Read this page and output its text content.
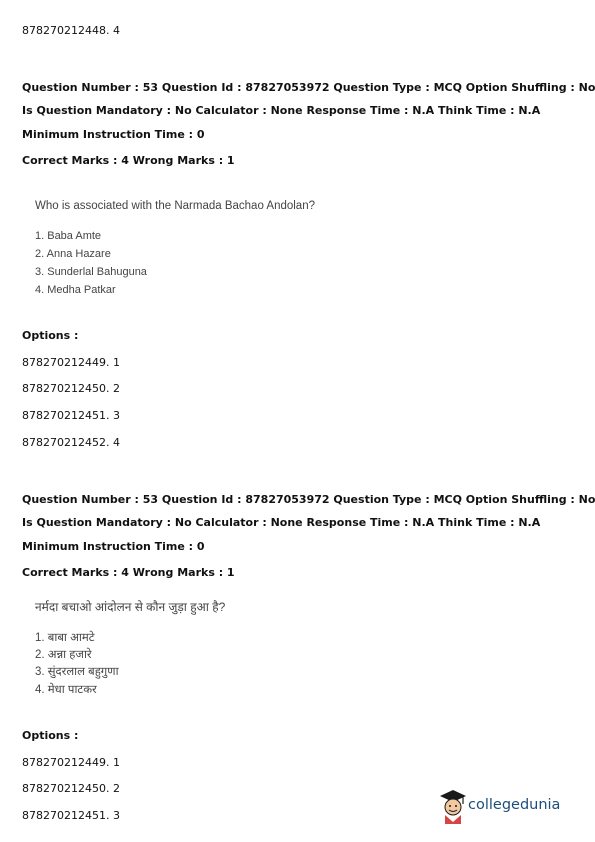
878270212448. 4
Question Number : 53 Question Id : 87827053972 Question Type : MCQ Option Shuffling : No
Is Question Mandatory : No Calculator : None Response Time : N.A Think Time : N.A
Minimum Instruction Time : 0
Correct Marks : 4 Wrong Marks : 1
Who is associated with the Narmada Bachao Andolan?
1. Baba Amte
2. Anna Hazare
3. Sunderlal Bahuguna
4. Medha Patkar
Options :
878270212449. 1
878270212450. 2
878270212451. 3
878270212452. 4
Question Number : 53 Question Id : 87827053972 Question Type : MCQ Option Shuffling : No
Is Question Mandatory : No Calculator : None Response Time : N.A Think Time : N.A
Minimum Instruction Time : 0
Correct Marks : 4 Wrong Marks : 1
नर्मदा बचाओ आंदोलन से कौन जुड़ा हुआ है?
1. बाबा आमटे
2. अन्ना हजारे
3. सुंदरलाल बहुगुणा
4. मेधा पाटकर
Options :
878270212449. 1
878270212450. 2
878270212451. 3
collegedunia
